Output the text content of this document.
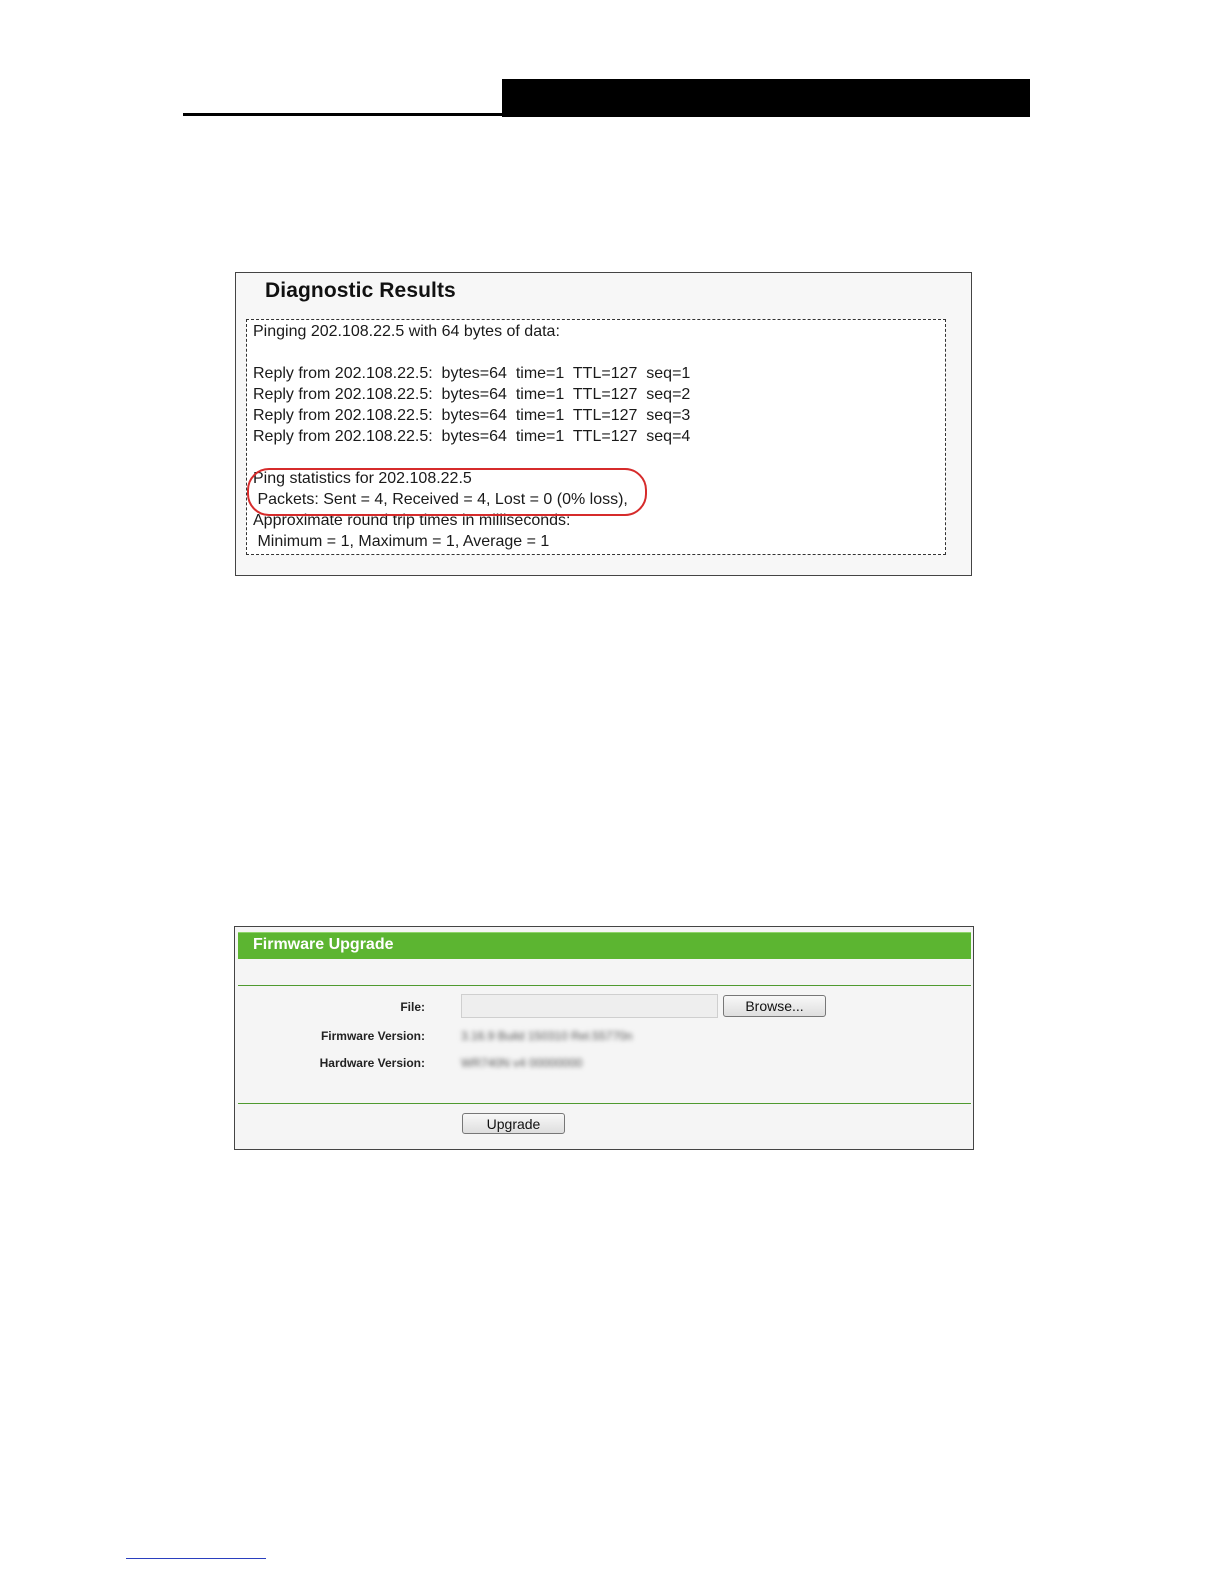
Diagnostic Results
Pinging 202.108.22.5 with 64 bytes of data:
Reply from 202.108.22.5:  bytes=64  time=1  TTL=127  seq=1
Reply from 202.108.22.5:  bytes=64  time=1  TTL=127  seq=2
Reply from 202.108.22.5:  bytes=64  time=1  TTL=127  seq=3
Reply from 202.108.22.5:  bytes=64  time=1  TTL=127  seq=4
Ping statistics for 202.108.22.5
Packets: Sent = 4, Received = 4, Lost = 0 (0% loss),
Approximate round trip times in milliseconds:
Minimum = 1, Maximum = 1, Average = 1
Firmware Upgrade
File:	Browse...
Firmware Version:	3.16.9 Build 150310 Rel.55770n
Hardware Version:	WR740N v4 00000000
Upgrade
